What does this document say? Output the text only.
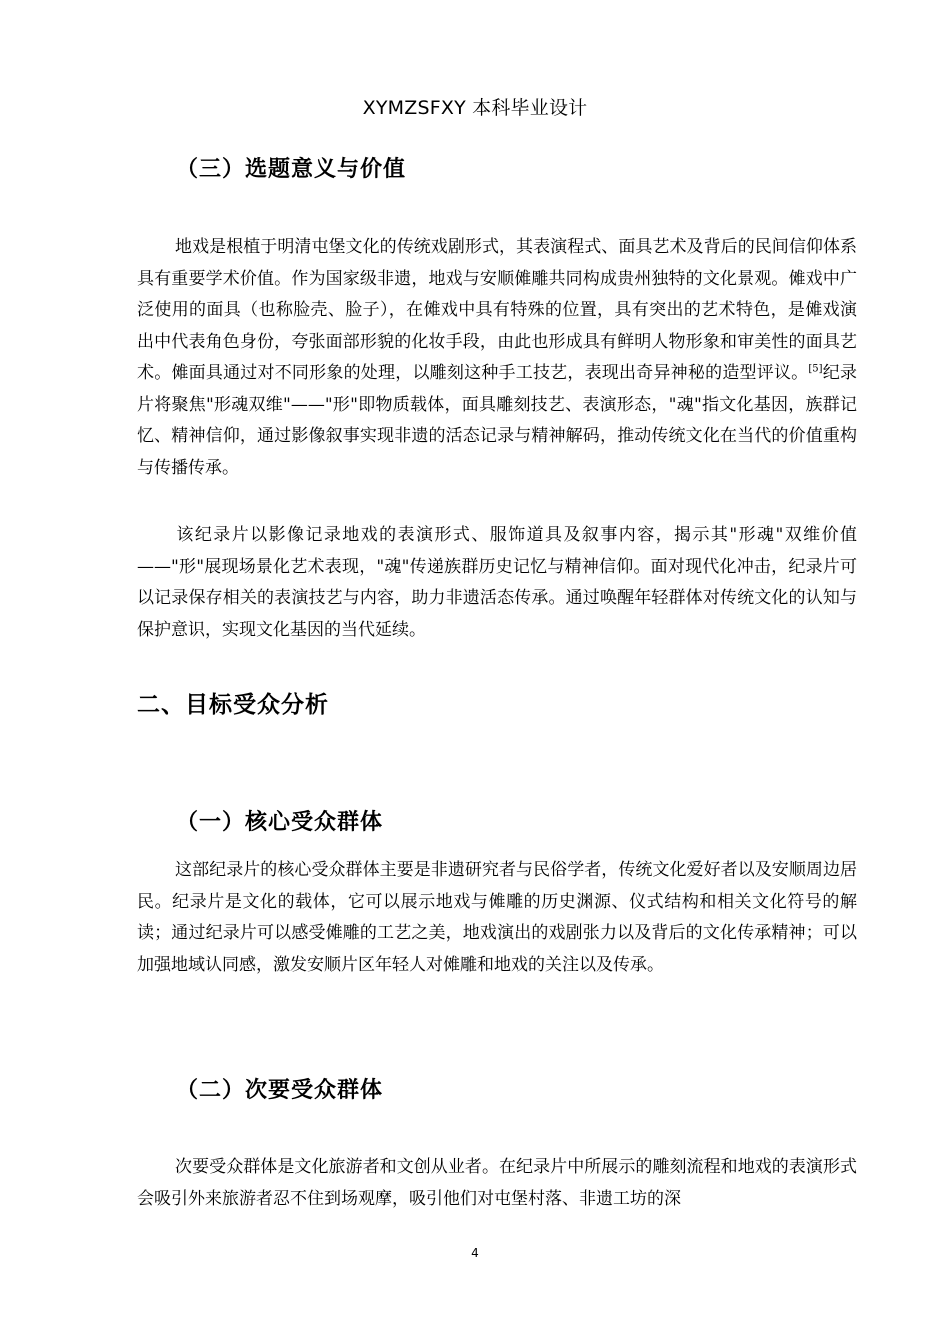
XYMZSFXY 本科毕业设计
（三）选题意义与价值

地戏是根植于明清屯堡文化的传统戏剧形式，其表演程式、面具艺术及背后的民间信仰体系具有重要学术价值。作为国家级非遗，地戏与安顺傩雕共同构成贵州独特的文化景观。傩戏中广泛使用的面具（也称脸壳、脸子），在傩戏中具有特殊的位置，具有突出的艺术特色，是傩戏演出中代表角色身份，夸张面部形貌的化妆手段，由此也形成具有鲜明人物形象和审美性的面具艺术。傩面具通过对不同形象的处理，以雕刻这种手工技艺，表现出奇异神秘的造型评议。[5]纪录片将聚焦"形魂双维"——"形"即物质载体，面具雕刻技艺、表演形态，"魂"指文化基因，族群记忆、精神信仰，通过影像叙事实现非遗的活态记录与精神解码，推动传统文化在当代的价值重构与传播传承。

该纪录片以影像记录地戏的表演形式、服饰道具及叙事内容，揭示其"形魂"双维价值——"形"展现场景化艺术表现，"魂"传递族群历史记忆与精神信仰。面对现代化冲击，纪录片可以记录保存相关的表演技艺与内容，助力非遗活态传承。通过唤醒年轻群体对传统文化的认知与保护意识，实现文化基因的当代延续。

二、目标受众分析
（一）核心受众群体

这部纪录片的核心受众群体主要是非遗研究者与民俗学者，传统文化爱好者以及安顺周边居民。纪录片是文化的载体，它可以展示地戏与傩雕的历史渊源、仪式结构和相关文化符号的解读；通过纪录片可以感受傩雕的工艺之美，地戏演出的戏剧张力以及背后的文化传承精神；可以加强地域认同感，激发安顺片区年轻人对傩雕和地戏的关注以及传承。

（二）次要受众群体

次要受众群体是文化旅游者和文创从业者。在纪录片中所展示的雕刻流程和地戏的表演形式会吸引外来旅游者忍不住到场观摩，吸引他们对屯堡村落、非遗工坊的深

4
